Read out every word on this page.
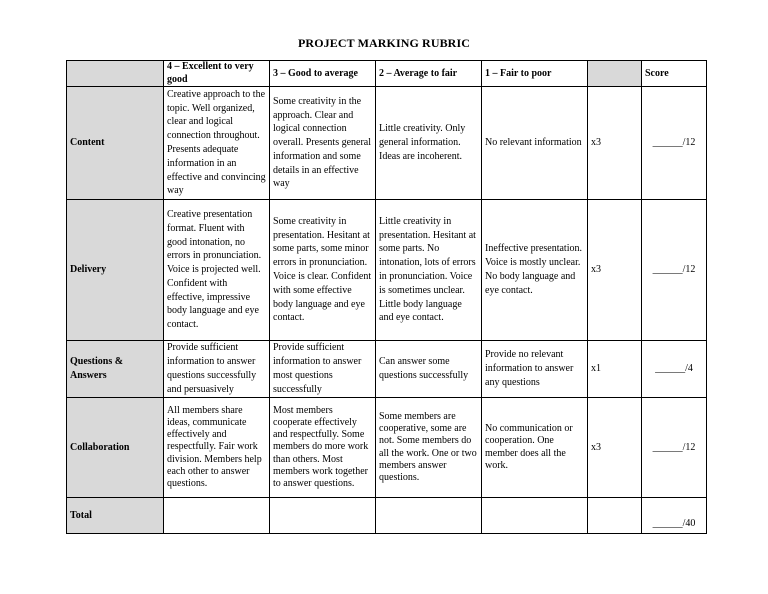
PROJECT MARKING RUBRIC
	4 – Excellent to very good	3 – Good to average	2 – Average to fair	1 – Fair to poor		Score
Content	Creative approach to the topic. Well organized, clear and logical connection throughout. Presents adequate information in an effective and convincing way	Some creativity in the approach. Clear and logical connection overall. Presents general information and some details in an effective way	Little creativity. Only general information. Ideas are incoherent.	No relevant information	x3	______/12
Delivery	Creative presentation format. Fluent with good intonation, no errors in pronunciation. Voice is projected well. Confident with effective, impressive body language and eye contact.	Some creativity in presentation. Hesitant at some parts, some minor errors in pronunciation. Voice is clear. Confident with some effective body language and eye contact.	Little creativity in presentation. Hesitant at some parts. No intonation, lots of errors in pronunciation. Voice is sometimes unclear. Little body language and eye contact.	Ineffective presentation. Voice is mostly unclear. No body language and eye contact.	x3	______/12
Questions & Answers	Provide sufficient information to answer questions successfully and persuasively	Provide sufficient information to answer most questions successfully	Can answer some questions successfully	Provide no relevant information to answer any questions	x1	______/4
Collaboration	All members share ideas, communicate effectively and respectfully. Fair work division. Members help each other to answer questions.	Most members cooperate effectively and respectfully. Some members do more work than others. Most members work together to answer questions.	Some members are cooperative, some are not. Some members do all the work. One or two members answer questions.	No communication or cooperation. One member does all the work.	x3	______/12
Total						______/40
